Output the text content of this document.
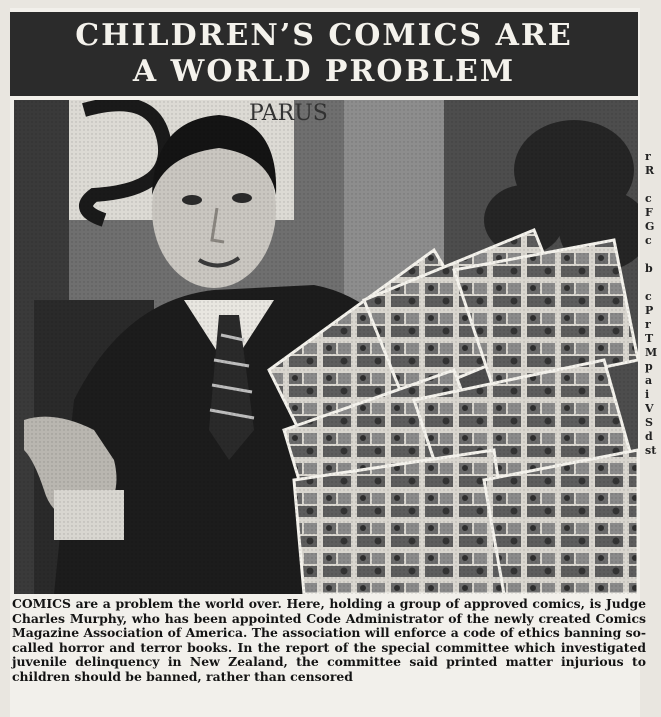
CHILDREN’S COMICS ARE
A WORLD PROBLEM
COMICS are a problem the world over. Here, holding a group of approved comics, is Judge Charles Murphy, who has been appointed Code Administrator of the newly created Comics Magazine Association of America. The association will enforce a code of ethics banning so-called horror and terror books. In the report of the special committee which investigated juvenile delinquency in New Zealand, the committee said printed matter injurious to children should be banned, rather than censored
r
R
c
F
G
c
b
c
P
r
T
M
p
a
i
V
S
d
st
